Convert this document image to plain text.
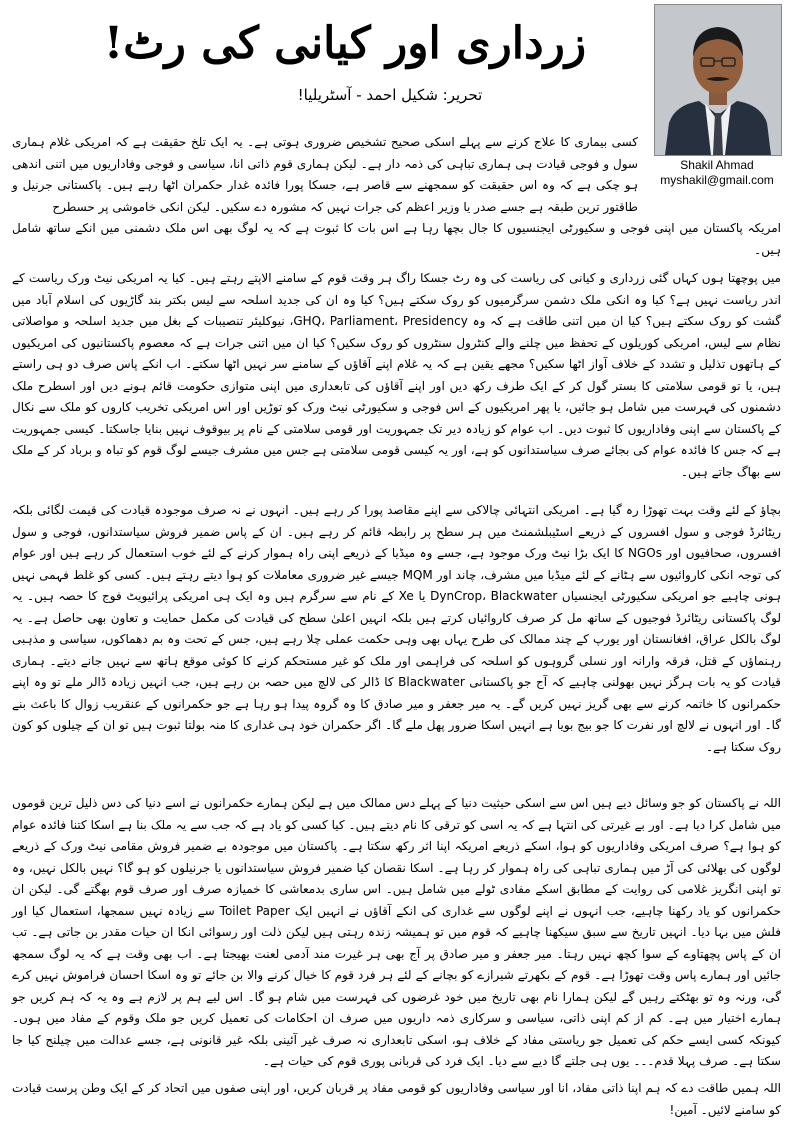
زرداری اور کیانی کی رٹ!
تحریر: شکیل احمد - آسٹریلیا!
Shakil Ahmad
myshakil@gmail.com

کسی بیماری کا علاج کرنے سے پہلے اسکی صحیح تشخیص ضروری ہوتی ہے۔ یہ ایک تلخ حقیقت ہے کہ امریکی غلام ہماری سول و فوجی قیادت ہی ہماری تباہی کی ذمہ دار ہے۔ لیکن ہماری قوم ذاتی انا، سیاسی و فوجی وفاداریوں میں اتنی اندھی ہو چکی ہے کہ وہ اس حقیقت کو سمجھنے سے قاصر ہے، جسکا پورا فائدہ غدار حکمران اٹھا رہے ہیں۔ پاکستانی جرنیل و طاقتور ترین طبقہ ہے جسے صدر یا وزیر اعظم کی جرات نہیں کہ مشورہ دے سکیں۔ لیکن انکی خاموشی پر حسطرح

امریکہ پاکستان میں اپنی فوجی و سکیورٹی ایجنسیوں کا جال بچھا رہا ہے اس بات کا ثبوت ہے کہ یہ لوگ بھی اس ملک دشمنی میں انکے ساتھ شامل ہیں۔

میں پوچھتا ہوں کہاں گئی زرداری و کیانی کی ریاست کی وہ رٹ جسکا راگ ہر وقت قوم کے سامنے الاپتے رہتے ہیں۔ کیا یہ امریکی نیٹ ورک ریاست کے اندر ریاست نہیں ہے؟ کیا وہ انکی ملک دشمن سرگرمیوں کو روک سکتے ہیں؟ کیا وہ ان کی جدید اسلحہ سے لیس بکتر بند گاڑیوں کی اسلام آباد میں گشت کو روک سکتے ہیں؟ کیا ان میں اتنی طاقت ہے کہ وہ GHQ، Parliament، Presidency، نیوکلیئر تنصیبات کے بغل میں جدید اسلحہ و مواصلاتی نظام سے لیس، امریکی کوریلوں کے تحفظ میں چلنے والے کنٹرول سنٹروں کو روک سکیں؟ کیا ان میں اتنی جرات ہے کہ معصوم پاکستانیوں کی امریکیوں کے ہاتھوں تذلیل و تشدد کے خلاف آواز اٹھا سکیں؟ مجھے یقین ہے کہ یہ غلام اپنے آقاؤں کے سامنے سر نہیں اٹھا سکتے۔ اب انکے پاس صرف دو ہی راستے ہیں، یا تو قومی سلامتی کا بستر گول کر کے ایک طرف رکھ دیں اور اپنے آقاؤں کی تابعداری میں اپنی متوازی حکومت قائم ہونے دیں اور اسطرح ملک دشمنوں کی فہرست میں شامل ہو جائیں، یا پھر امریکیوں کے اس فوجی و سکیورٹی نیٹ ورک کو توڑیں اور اس امریکی تخریب کاروں کو ملک سے نکال کے پاکستان سے اپنی وفاداریوں کا ثبوت دیں۔ اب عوام کو زیادہ دیر تک جمہوریت اور قومی سلامتی کے نام پر بیوقوف نہیں بنایا جاسکتا۔ کیسی جمہوریت ہے کہ جس کا فائدہ عوام کی بجائے صرف سیاستدانوں کو ہے، اور یہ کیسی قومی سلامتی ہے جس میں مشرف جیسے لوگ قوم کو تباہ و برباد کر کے ملک سے بھاگ جاتے ہیں۔

بچاؤ کے لئے وقت بہت تھوڑا رہ گیا ہے۔ امریکی انتہائی چالاکی سے اپنے مقاصد پورا کر رہے ہیں۔ انہوں نے نہ صرف موجودہ قیادت کی قیمت لگائی بلکہ ریٹائرڈ فوجی و سول افسروں کے ذریعے اسٹیبلشمنٹ میں ہر سطح پر رابطہ قائم کر رہے ہیں۔ ان کے پاس ضمیر فروش سیاستدانوں، فوجی و سول افسروں، صحافیوں اور NGOs کا ایک بڑا نیٹ ورک موجود ہے، جسے وہ میڈیا کے ذریعے اپنی راہ ہموار کرنے کے لئے خوب استعمال کر رہے ہیں اور عوام کی توجہ انکی کاروائیوں سے ہٹانے کے لئے میڈیا میں مشرف، چاند اور MQM جیسے غیر ضروری معاملات کو ہوا دیتے رہتے ہیں۔ کسی کو غلط فہمی نہیں ہونی چاہیے جو امریکی سکیورٹی ایجنسیاں DynCrop، Blackwater یا Xe کے نام سے سرگرم ہیں وہ ایک ہی امریکی پرائیویٹ فوج کا حصہ ہیں۔ یہ لوگ پاکستانی ریٹائرڈ فوجیوں کے ساتھ مل کر صرف کاروائیاں کرتے ہیں بلکہ انہیں اعلیٰ سطح کی قیادت کی مکمل حمایت و تعاون بھی حاصل ہے۔ یہ لوگ بالکل عراق، افغانستان اور یورپ کے چند ممالک کی طرح یہاں بھی وہی حکمت عملی چلا رہے ہیں، جس کے تحت وہ بم دھماکوں، سیاسی و مذہبی رہنماؤں کے قتل، فرقہ وارانہ اور نسلی گروہوں کو اسلحہ کی فراہمی اور ملک کو غیر مستحکم کرنے کا کوئی موقع ہاتھ سے نہیں جانے دیتے۔ ہماری قیادت کو یہ بات ہرگز نہیں بھولنی چاہیے کہ آج جو پاکستانی Blackwater کا ڈالر کی لالچ میں حصہ بن رہے ہیں، جب انہیں زیادہ ڈالر ملے تو وہ اپنے حکمرانوں کا خاتمہ کرنے سے بھی گریز نہیں کریں گے۔ یہ میر جعفر و میر صادق کا وہ گروہ پیدا ہو رہا ہے جو حکمرانوں کے عنقریب زوال کا باعث بنے گا۔ اور انہوں نے لالچ اور نفرت کا جو بیج بویا ہے انہیں اسکا ضرور پھل ملے گا۔ اگر حکمران خود ہی غداری کا منہ بولتا ثبوت ہیں تو ان کے چیلوں کو کون روک سکتا ہے۔

اللہ نے پاکستان کو جو وسائل دیے ہیں اس سے اسکی حیثیت دنیا کے پہلے دس ممالک میں ہے لیکن ہمارے حکمرانوں نے اسے دنیا کی دس ذلیل ترین قوموں میں شامل کرا دیا ہے۔ اور بے غیرتی کی انتہا ہے کہ یہ اسی کو ترقی کا نام دیتے ہیں۔ کیا کسی کو یاد ہے کہ جب سے یہ ملک بنا ہے اسکا کتنا فائدہ عوام کو ہوا ہے؟ صرف امریکی وفاداریوں کو ہوا، اسکے ذریعے امریکہ اپنا اثر رکھ سکتا ہے۔ پاکستان میں موجودہ بے ضمیر فروش مقامی نیٹ ورک کے ذریعے لوگوں کی بھلائی کی آڑ میں ہماری تباہی کی راہ ہموار کر رہا ہے۔ اسکا نقصان کیا ضمیر فروش سیاستدانوں یا جرنیلوں کو ہو گا؟ نہیں بالکل نہیں، وہ تو اپنی انگریز غلامی کی روایت کے مطابق اسکے مفادی ٹولے میں شامل ہیں۔ اس ساری بدمعاشی کا خمیازہ صرف اور صرف قوم بھگتے گی۔ لیکن ان حکمرانوں کو یاد رکھنا چاہیے، جب انہوں نے اپنے لوگوں سے غداری کی انکے آقاؤں نے انہیں ایک Toilet Paper سے زیادہ نہیں سمجھا، استعمال کیا اور فلش میں بہا دیا۔ انہیں تاریخ سے سبق سیکھنا چاہیے کہ قوم میں تو ہمیشہ زندہ رہتی ہیں لیکن ذلت اور رسوائی انکا ان حیات مقدر بن جاتی ہے۔ تب ان کے پاس پچھتاوے کے سوا کچھ نہیں رہتا۔ میر جعفر و میر صادق پر آج بھی ہر غیرت مند آدمی لعنت بھیجتا ہے۔ اب بھی وقت ہے کہ یہ لوگ سمجھ جائیں اور ہمارے پاس وقت تھوڑا ہے۔ قوم کے بکھرتے شیرازے کو بچانے کے لئے ہر فرد قوم کا خیال کرنے والا بن جائے تو وہ اسکا احسان فراموش نہیں کرے گی، ورنہ وہ تو بھٹکتے رہیں گے لیکن ہمارا نام بھی تاریخ میں خود غرضوں کی فہرست میں شام ہو گا۔ اس لیے ہم پر لازم ہے وہ یہ کہ ہم کریں جو ہمارے اختیار میں ہے۔ کم از کم اپنی ذاتی، سیاسی و سرکاری ذمہ داریوں میں صرف ان احکامات کی تعمیل کریں جو ملک وقوم کے مفاد میں ہوں۔ کیونکہ کسی ایسے حکم کی تعمیل جو ریاستی مفاد کے خلاف ہو، اسکی تابعداری نہ صرف غیر آئینی بلکہ غیر قانونی ہے، جسے عدالت میں چیلنج کیا جا سکتا ہے۔ صرف پہلا قدم۔۔۔ یوں ہی جلتے گا دیے سے دیا۔ ایک فرد کی قربانی پوری قوم کی حیات ہے۔

اللہ ہمیں طاقت دے کہ ہم اپنا ذاتی مفاد، انا اور سیاسی وفاداریوں کو قومی مفاد پر قربان کریں، اور اپنی صفوں میں اتحاد کر کے ایک وطن پرست قیادت کو سامنے لائیں۔ آمین!
